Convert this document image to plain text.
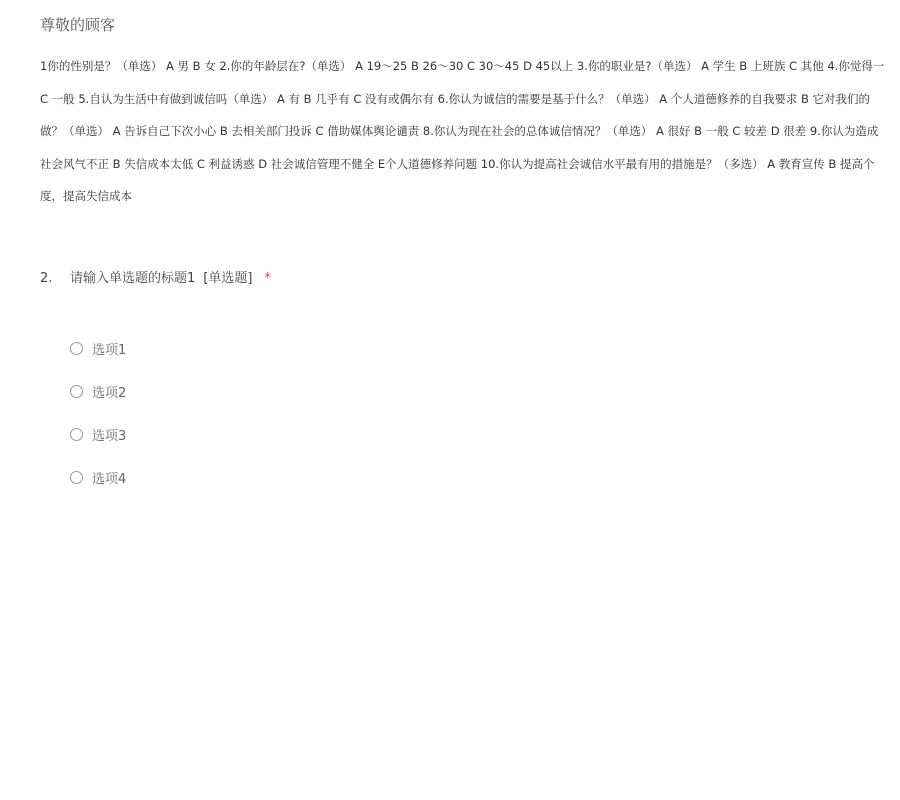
尊敬的顾客
1你的性别是？（单选） A 男 B 女 2.你的年龄层在?（单选） A 19～25 B 26～30 C 30～45 D 45以上 3.你的职业是?（单选） A 学生 B 上班族 C 其他 4.你觉得一
C 一般 5.自认为生活中有做到诚信吗（单选） A 有 B 几乎有 C 没有或偶尔有 6.你认为诚信的需要是基于什么？（单选） A 个人道德修养的自我要求 B 它对我们的
做？（单选） A 告诉自己下次小心 B 去相关部门投诉 C 借助媒体舆论谴责 8.你认为现在社会的总体诚信情况？（单选） A 很好 B 一般 C 较差 D 很差 9.你认为造成
社会风气不正 B 失信成本太低 C 利益诱惑 D 社会诚信管理不健全 E个人道德修养问题 10.你认为提高社会诚信水平最有用的措施是？（多选） A 教育宣传 B 提高个
度，提高失信成本
2. 请输入单选题的标题1 [单选题] *
选项1
选项2
选项3
选项4
